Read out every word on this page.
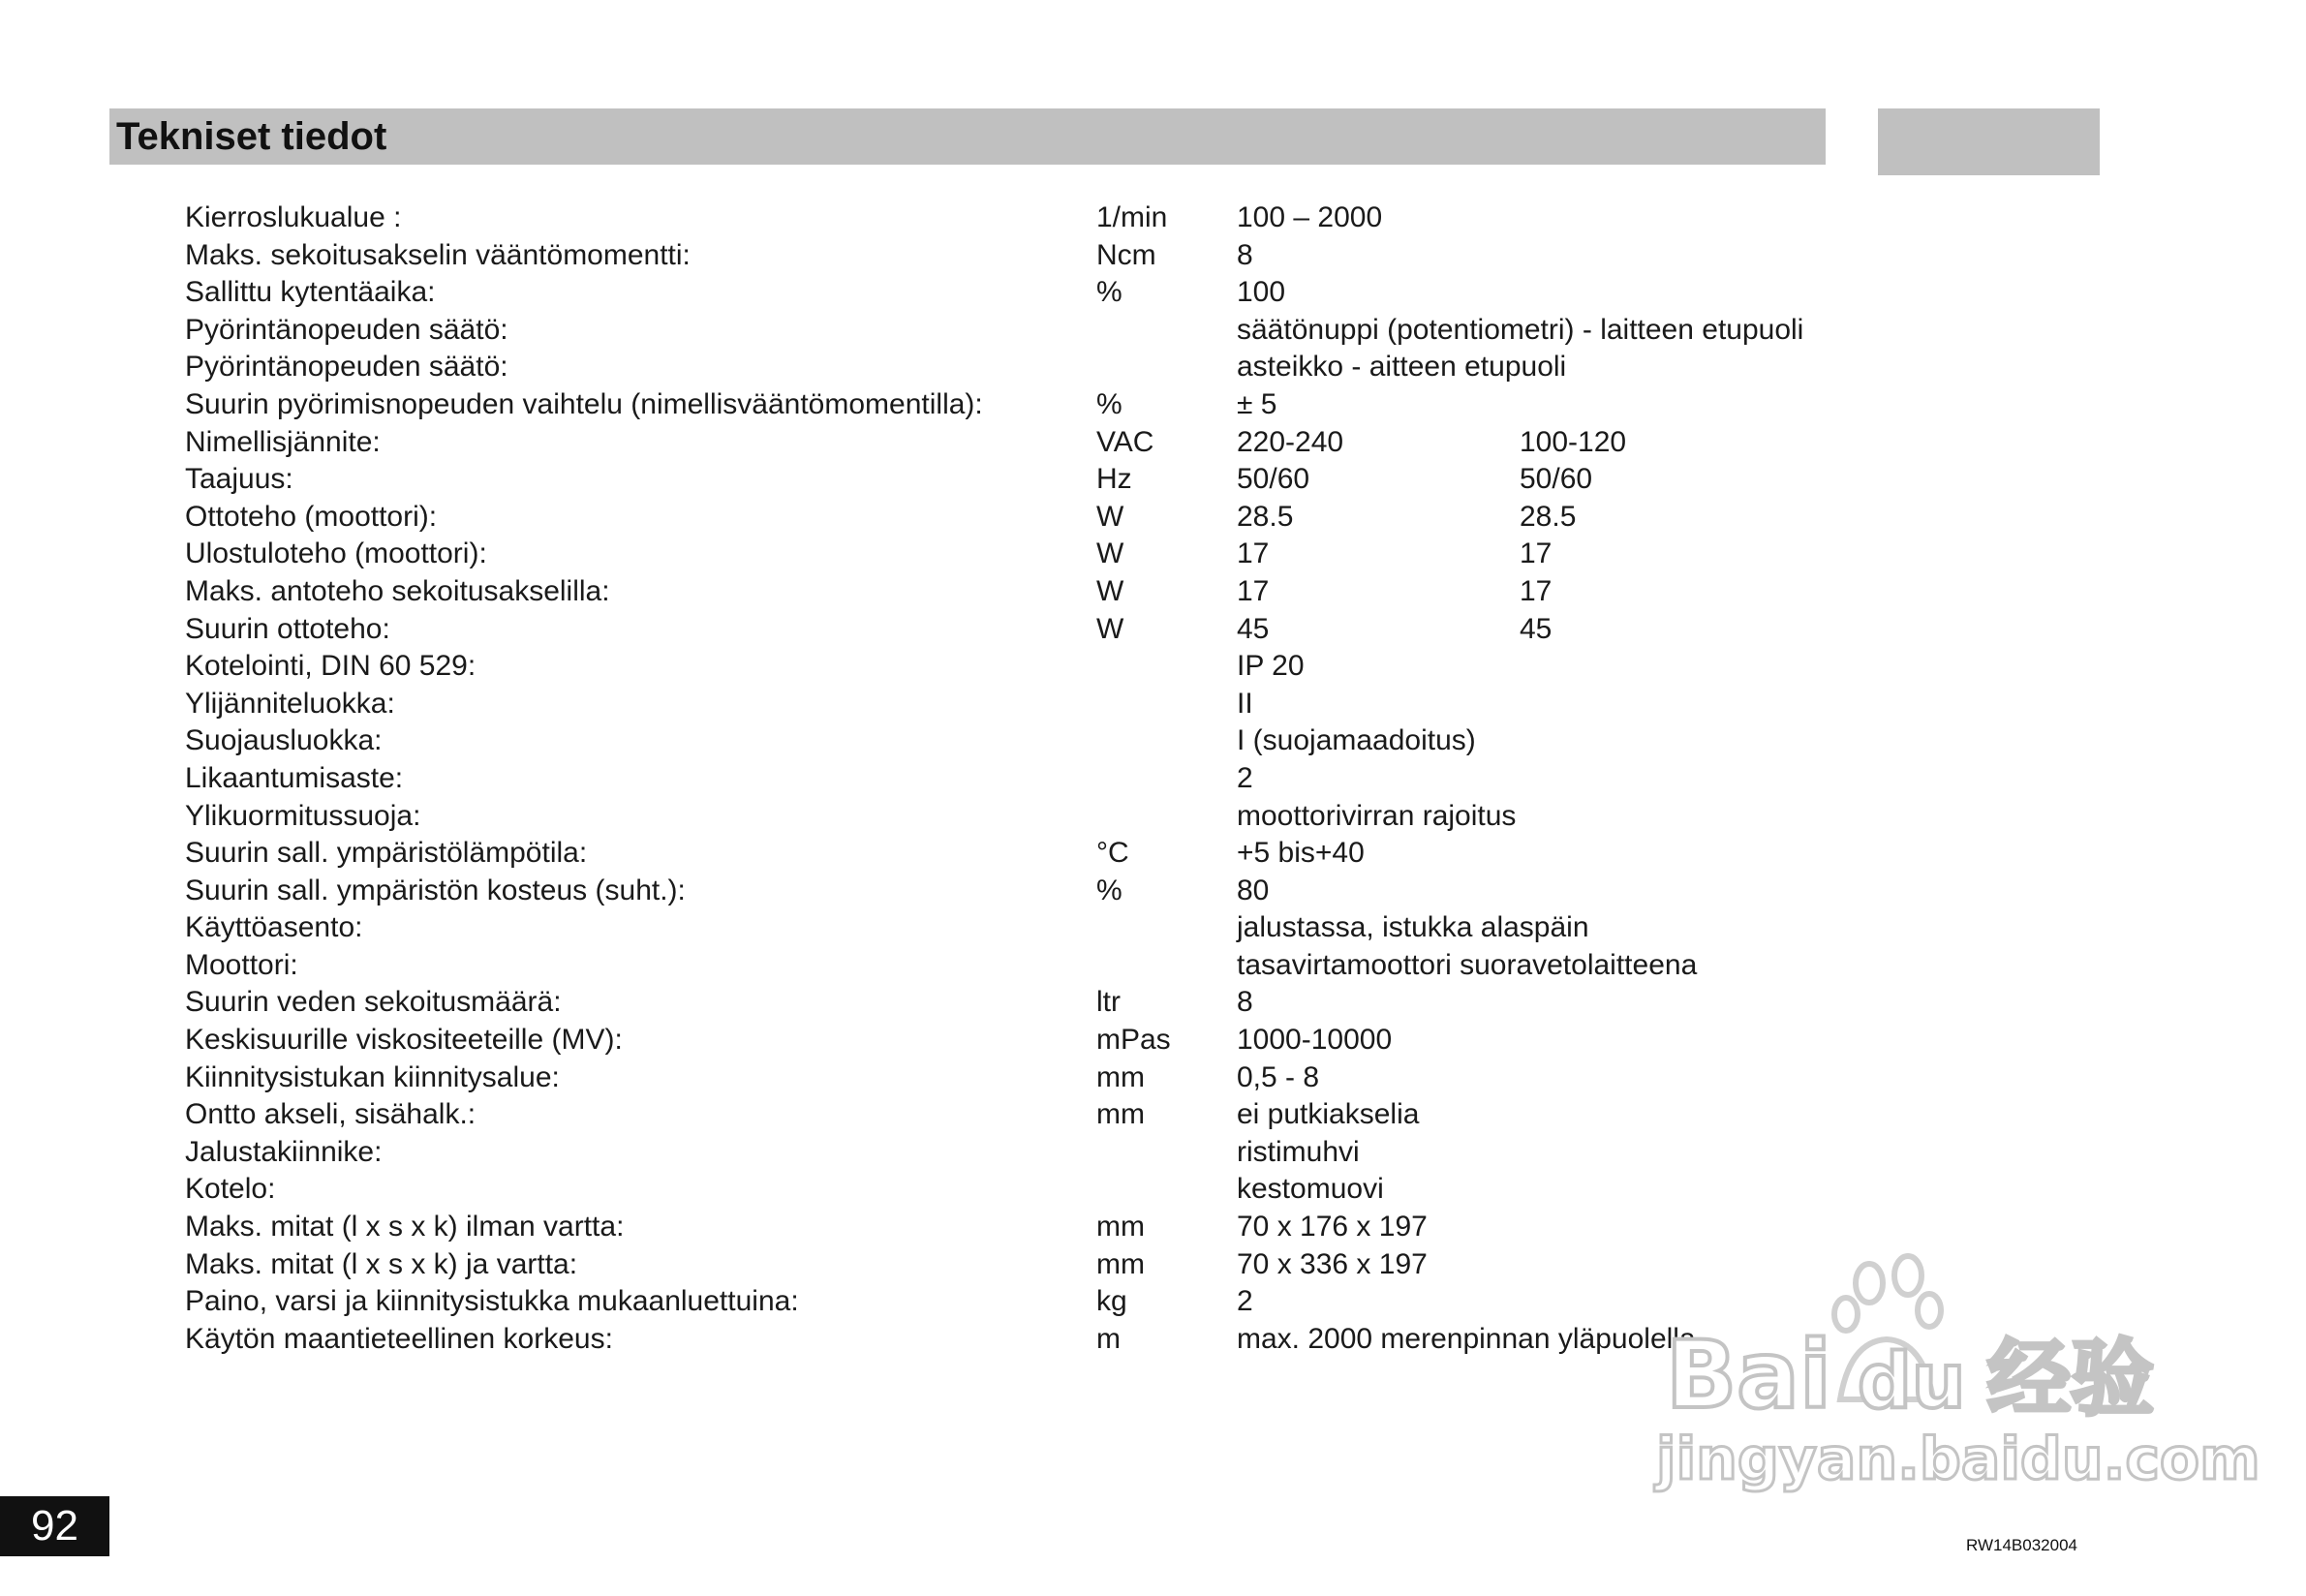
Tekniset tiedot
Kierroslukualue :	1/min 100 – 2000
Maks. sekoitusakselin vääntömomentti:	Ncm	8
Sallittu kytentäaika:	%	100
Pyörintänopeuden säätö:	säätönuppi (potentiometri) - laitteen etupuoli
Pyörintänopeuden säätö:	asteikko - aitteen etupuoli
Suurin pyörimisnopeuden vaihtelu (nimellisvääntömomentilla):	%	± 5
Nimellisjännite:	VAC	220-240	100-120
Taajuus:	Hz	50/60	50/60
Ottoteho (moottori):	W	28.5	28.5
Ulostuloteho (moottori):	W	17	17
Maks. antoteho sekoitusakselilla:	W	17	17
Suurin ottoteho:	W	45	45
Kotelointi, DIN 60 529:	IP 20
Ylijänniteluokka:	II
Suojausluokka:	I (suojamaadoitus)
Likaantumisaste:	2
Ylikuormitussuoja:	moottorivirran rajoitus
Suurin sall. ympäristölämpötila:	°C	+5 bis+40
Suurin sall. ympäristön kosteus (suht.):	%	80
Käyttöasento:	jalustassa, istukka alaspäin
Moottori:	tasavirtamoottori suoravetolaitteena
Suurin veden sekoitusmäärä:	ltr	8
Keskisuurille viskositeeteille (MV):	mPas 1000-10000
Kiinnitysistukan kiinnitysalue:	mm	0,5 - 8
Ontto akseli, sisähalk.:	mm	ei putkiakselia
Jalustakiinnike:	ristimuhvi
Kotelo:	kestomuovi
Maks. mitat (l x s x k) ilman vartta:	mm	70 x 176 x 197
Maks. mitat (l x s x k) ja vartta:	mm	70 x 336 x 197
Paino, varsi ja kiinnitysistukka mukaanluettuina:	kg	2
Käytön maantieteellinen korkeus:	m	max. 2000 merenpinnan yläpuolella
92	RW14B032004
Bai du 经验
jingyan.baidu.com
